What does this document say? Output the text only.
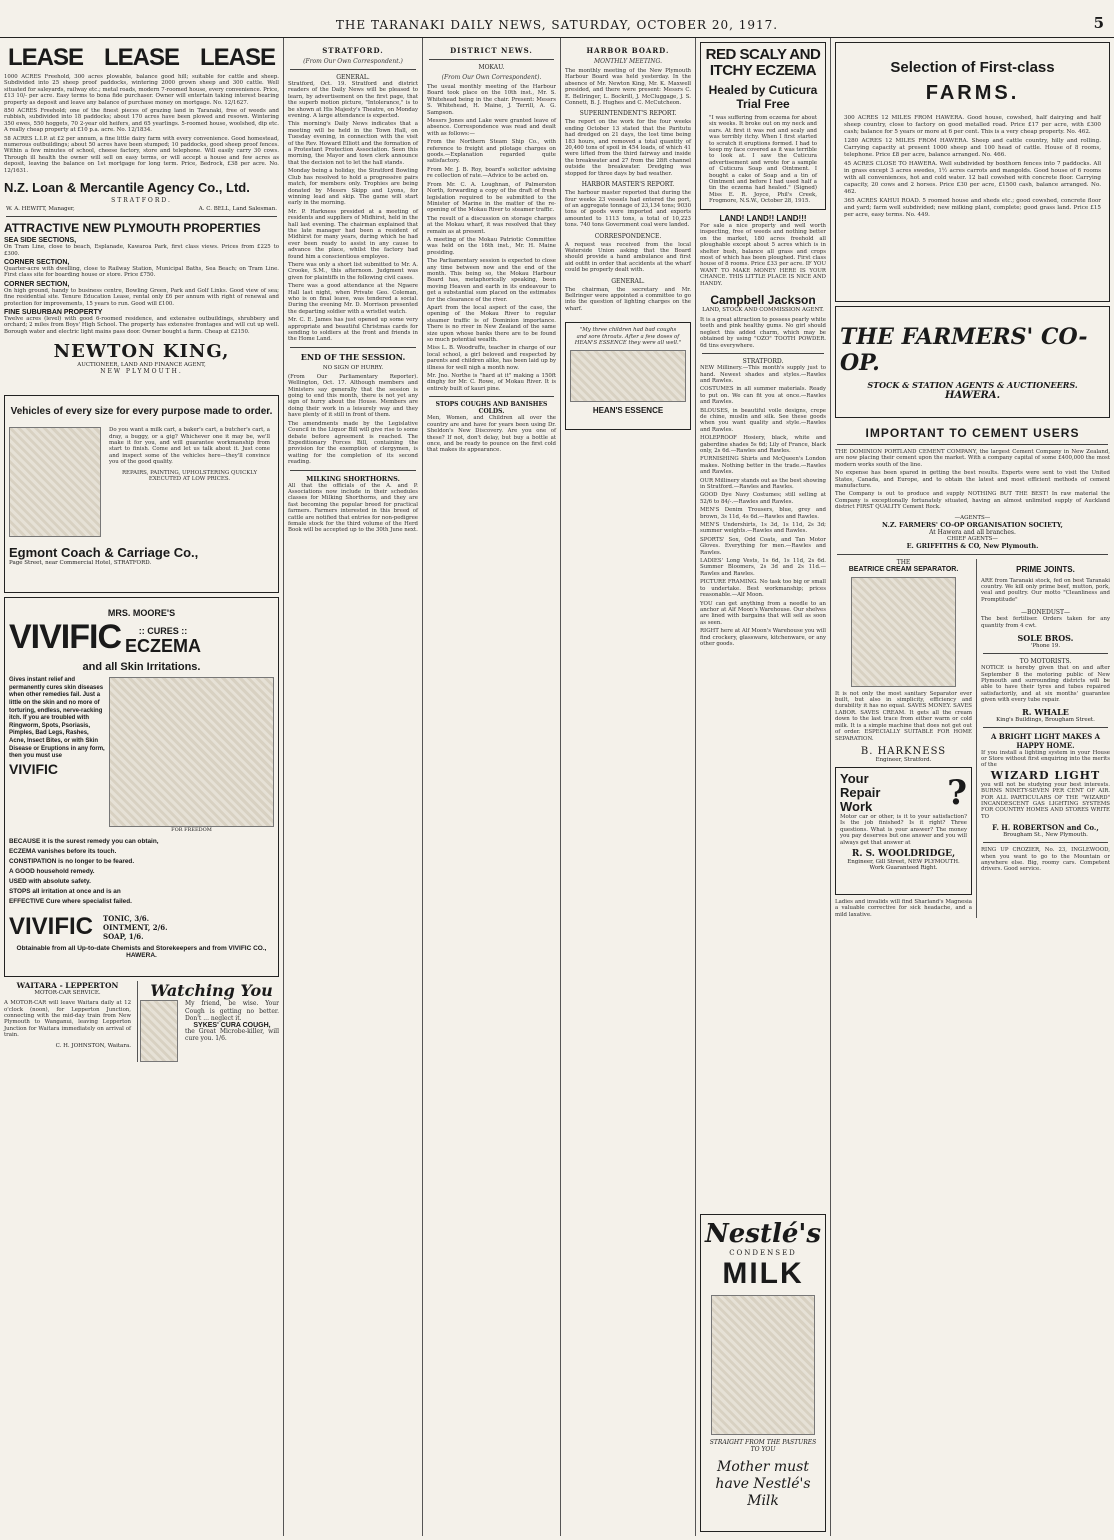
THE TARANAKI DAILY NEWS, SATURDAY, OCTOBER 20, 1917.	5
LEASE LEASE LEASE
1000 ACRES Freehold, 300 acres plowable, balance good hill; suitable for cattle and sheep. Subdivided into 25 sheep proof paddocks, wintering 2000 grown sheep and 300 cattle. Well situated for saleyards, railway etc.; metal roads, modern 7-roomed house, every convenience. Price, £13 10/- per acre. Easy terms to bona fide purchaser. Owner will entertain taking interest bearing property as deposit and leave any balance of purchase money on mortgage. No. 12/1627.
850 ACRES Freehold; one of the finest pieces of grazing land in Taranaki, free of weeds and rubbish, subdivided into 18 paddocks; about 170 acres have been plowed and resown. Wintering 350 ewes, 550 hoggets, 70 2-year old heifers, and 65 yearlings. 5-roomed house, woolshed, dip etc. A really cheap property at £10 p.a. acre. No. 12/1834.
58 ACRES L.I.P. at £2 per annum, a fine little dairy farm with every convenience. Good homestead, numerous outbuildings; about 50 acres have been stumped; 10 paddocks, good sheep proof fences. Within a few minutes of school, cheese factory, store and telephone. Will easily carry 30 cows. Through ill health the owner will sell on easy terms, or will accept a house and few acres as deposit, leaving the balance on 1st mortgage for long term. Price, Bedrock, £38 per acre. No. 12/1631.
N.Z. Loan & Mercantile Agency Co., Ltd.
STRATFORD.
W. A. HEWITT, Manager,	A. C. BELL, Land Salesman.
ATTRACTIVE NEW PLYMOUTH PROPERTIES
SEA SIDE SECTIONS,
On Tram Line, close to beach, Esplanade, Kawaroa Park, first class views. Prices from £225 to £300.
CORNER SECTION,
Quarter-acre with dwelling, close to Railway Station, Municipal Baths, Sea Beach; on Tram Line. First class site for boarding house or store. Price £750.
CORNER SECTION,
On high ground, handy to business centre, Bowling Green, Park and Golf Links. Good view of sea; fine residential site. Tenure Education Lease, rental only £6 per annum with right of renewal and protection for improvements, 15 years to run. Good will £100.
FINE SUBURBAN PROPERTY
Twelve acres (level) with good 6-roomed residence, and extensive outbuildings, shrubbery and orchard; 2 miles from Boys' High School. The property has extensive frontages and will cut up well. Borough water and electric light mains pass door. Owner bought a farm. Cheap at £2150.
NEWTON KING,
AUCTIONEER, LAND AND FINANCE AGENT,
NEW PLYMOUTH.
Vehicles of every size for every purpose made to order.
Do you want a milk cart, a baker's cart, a butcher's cart, a dray, a buggy, or a gig? Whichever one it may be, we'll make it for you, and will guarantee workmanship from start to finish. Come and let us talk about it. Just come and inspect some of the vehicles here—they'll convince you of the good quality.
REPAIRS, PAINTING, UPHOLSTERING QUICKLY EXECUTED AT LOW PRICES.
Egmont Coach & Carriage Co.,
Page Street, near Commercial Hotel, STRATFORD.
MRS. MOORE'S
VIVIFIC	:: CURES ::
ECZEMA
and all Skin Irritations.
Gives instant relief and permanently cures skin diseases when other remedies fail. Just a little on the skin and no more of torturing, endless, nerve-racking itch. If you are troubled with Ringworm, Spots, Psoriasis, Pimples, Bad Legs, Rashes, Acne, Insect Bites, or with Skin Disease or Eruptions in any form, then you must use
VIVIFIC
FOR FREEDOM
BECAUSE it is the surest remedy you can obtain,
ECZEMA vanishes before its touch.
CONSTIPATION is no longer to be feared.
A GOOD household remedy.
USED with absolute safety.
STOPS all irritation at once and is an
EFFECTIVE Cure where specialist failed.
VIVIFIC TONIC, 3/6.
OINTMENT, 2/6.
SOAP, 1/6.
Obtainable from all Up-to-date Chemists and Storekeepers and from VIVIFIC CO., HAWERA.
WAITARA - LEPPERTON
MOTOR-CAR SERVICE.
A MOTOR-CAR will leave Waitara daily at 12 o'clock (noon), for Lepperton Junction, connecting with the mid-day train from New Plymouth to Wanganui, leaving Lepperton Junction for Waitara immediately on arrival of train.
C. H. JOHNSTON, Waitara.
Watching You
My friend, be wise. Your Cough is getting no better. Don't ... neglect it.
SYKES' CURA COUGH,
the Great Microbe-killer, will cure you. 1/6.
STRATFORD.
(From Our Own Correspondent.)
GENERAL.
Stratford, Oct. 19. Stratford and district readers of the Daily News will be pleased to learn, by advertisement on the first page, that the superb motion picture, "Intolerance," is to be shown at His Majesty's Theatre, on Monday evening. A large attendance is expected.
This morning's Daily News indicates that a meeting will be held in the Town Hall, on Tuesday evening, in connection with the visit of the Rev. Howard Elliott and the formation of a Protestant Protection Association. Seen this morning, the Mayor and town clerk announce that the decision not to let the hall stands.
Monday being a holiday, the Stratford Bowling Club has resolved to hold a progressive pairs match, for members only. Trophies are being donated by Messrs Skipp and Lyons, for winning lead and skip. The game will start early in the morning.
Mr. P. Harkness presided at a meeting of residents and suppliers of Midhirst, held in the hall last evening. The chairman explained that the late manager had been a resident of Midhirst for many years, during which he had ever been ready to assist in any cause to advance the place, whilst the factory had found him a conscientious employee.
There was only a short list submitted to Mr. A. Crooke, S.M., this afternoon. Judgment was given for plaintiffs in the following civil cases.
There was a good attendance at the Ngaere Hall last night, when Private Geo. Coleman, who is on final leave, was tendered a social. During the evening Mr. D. Morrison presented the departing soldier with a wristlet watch.
Mr. C. E. James has just opened up some very appropriate and beautiful Christmas cards for sending to soldiers at the front and friends in the Home Land.
END OF THE SESSION.
NO SIGN OF HURRY.
(From Our Parliamentary Reporter). Wellington, Oct. 17. Although members and Ministers say generally that the session is going to end this month, there is not yet any sign of hurry about the House. Members are doing their work in a leisurely way and they have plenty of it still in front of them.
The amendments made by the Legislative Council in the Liquor Bill will give rise to some debate before agreement is reached. The Expeditionary Forces Bill, containing the provision for the exemption of clergymen, is waiting for the completion of its second reading.
MILKING SHORTHORNS.
All that the officials of the A. and P. Associations now include in their schedules classes for Milking Shorthorns, and they are fast becoming the popular breed for practical farmers. Farmers interested in this breed of cattle are notified that entries for non-pedigree female stock for the third volume of the Herd Book will be accepted up to the 30th June next.
DISTRICT NEWS.
MOKAU.
(From Our Own Correspondent).
The usual monthly meeting of the Harbour Board took place on the 10th inst., Mr. S. Whitehead being in the chair. Present: Messrs S. Whitehead, H. Maine, J. Terrill, A. G. Sampson.
Messrs Jones and Lake were granted leave of absence. Correspondence was read and dealt with as follows:—
From the Northern Steam Ship Co., with reference to freight and pilotage charges on goods.—Explanation regarded quite satisfactory.
From Mr. J. B. Roy, board's solicitor advising re collection of rate.—Advice to be acted on.
From Mr. C. A. Loughnan, of Palmerston North, forwarding a copy of the draft of fresh legislation required to be submitted to the Minister of Marine in the matter of the re-opening of the Mokau River to steamer traffic.
The result of a discussion on storage charges at the Mokau wharf, it was resolved that they remain as at present.
A meeting of the Mokau Patriotic Committee was held on the 16th inst., Mr. H. Maine presiding.
The Parliamentary session is expected to close any time between now and the end of the month. This being so, the Mokau Harbour Board has, metaphorically speaking, been moving Heaven and earth in its endeavour to get a substantial sum placed on the estimates for the clearance of the river.
Apart from the local aspect of the case, the opening of the Mokau River to regular steamer traffic is of Dominion importance. There is no river in New Zealand of the same size upon whose banks there are to be found so much potential wealth.
Miss L. B. Woodruffe, teacher in charge of our local school, a girl beloved and respected by parents and children alike, has been laid up by illness for well nigh a month now.
Mr. Jno. Northe is "hard at it" making a 150ft dinghy for Mr. C. Rowe, of Mokau River. It is entirely built of kauri pine.
STOPS COUGHS AND BANISHES COLDS.
Men, Women, and Children all over the country are and have for years been using Dr. Sheldon's New Discovery. Are you one of these? If not, don't delay, but buy a bottle at once, and be ready to pounce on the first cold that makes its appearance.
HARBOR BOARD.
MONTHLY MEETING.
The monthly meeting of the New Plymouth Harbour Board was held yesterday. In the absence of Mr. Newton King, Mr. K. Maxwell presided, and there were present: Messrs C. E. Bellringer, L. Bockrill, J. McCluggage, J. S. Connett, B. J. Hughes and C. McCutcheon.
SUPERINTENDENT'S REPORT.
The report on the work for the four weeks ending October 13 stated that the Paritutu had dredged on 21 days, the lost time being 183 hours, and removed a total quantity of 20,460 tons of spoil in 454 loads, of which 41 were lifted from the third fairway and inside the breakwater and 27 from the 28ft channel outside the breakwater. Dredging was stopped for three days by bad weather.
HARBOR MASTER'S REPORT.
The harbour master reported that during the four weeks 23 vessels had entered the port, of an aggregate tonnage of 23,134 tons; 9030 tons of goods were imported and exports amounted to 1113 tons, a total of 10,223 tons. 740 tons Government coal were landed.
CORRESPONDENCE.
A request was received from the local Waterside Union asking that the Board should provide a hand ambulance and first aid outfit in order that accidents at the wharf could be properly dealt with.
GENERAL.
The chairman, the secretary and Mr. Bellringer were appointed a committee to go into the question of lighting charges on the wharf.
"My three children had bad coughs and sore throats. After a few doses of HEAN'S ESSENCE they were all well."
HEAN'S ESSENCE
RED SCALY AND ITCHY ECZEMA
Healed by Cuticura Trial Free
"I was suffering from eczema for about six weeks. It broke out on my neck and ears. At first it was red and scaly and was terribly itchy. When I first started to scratch it eruptions formed. I had to keep my face covered as it was terrible to look at. I saw the Cuticura advertisement and wrote for a sample of Cuticura Soap and Ointment. I bought a cake of Soap and a tin of Ointment and before I had used half a tin the eczema had healed." (Signed) Miss E. R. Joyce, Phil's Creek, Frogmore, N.S.W., October 28, 1915.
LAND! LAND!! LAND!!!
For sale a nice property and well worth inspecting, free of weeds and nothing better on the market, 180 acres freehold all ploughable except about 5 acres which is in shelter bush, balance all grass and crops most of which has been ploughed. First class house of 8 rooms. Price £33 per acre. IF YOU WANT TO MAKE MONEY HERE IS YOUR CHANCE. THIS LITTLE PLACE IS NICE AND HANDY.
Campbell Jackson
LAND, STOCK AND COMMISSION AGENT.
It is a great attraction to possess pearly white teeth and pink healthy gums. No girl should neglect this added charm, which may be obtained by using "OZO" TOOTH POWDER. 6d tins everywhere.
STRATFORD.
NEW Millinery.—This month's supply just to hand. Newest shades and styles.—Rawles and Rawles.
COSTUMES in all summer materials. Ready to put on. We can fit you at once.—Rawles and Rawles.
BLOUSES, in beautiful voile designs, crepe de chine, muslin and silk. See these goods when you want quality and style.—Rawles and Rawles.
HOLEPROOF Hosiery, black, white and gaberdine shades 5s 6d; Lily of France, black only, 2s 6d.—Rawles and Rawles.
FURNISHING Shirts and McQueen's London makes. Nothing better in the trade.—Rawles and Rawles.
OUR Millinery stands out as the best showing in Stratford.—Rawles and Rawles.
GOOD Dye Navy Costumes; still selling at 52/6 to 84/-.—Rawles and Rawles.
MEN'S Denim Trousers, blue, grey and brown, 3s 11d, 4s 6d.—Rawles and Rawles.
MEN'S Undershirts, 1s 3d, 1s 11d, 2s 3d; summer weights.—Rawles and Rawles.
SPORTS' Sox, Odd Coats, and Tan Motor Gloves. Everything for men.—Rawles and Rawles.
LADIES' Long Vests, 1s 6d, 1s 11d, 2s 6d. Summer Bloomers, 2s 3d and 2s 11d.—Rawles and Rawles.
PICTURE FRAMING. No task too big or small to undertake. Best workmanship; prices reasonable.—Alf Moon.
YOU can get anything from a needle to an anchor at Alf Moon's Warehouse. Our shelves are lined with bargains that will sell as soon as seen.
RIGHT here at Alf Moon's Warehouse you will find crockery, glassware, kitchenware, or any other goods.
Nestlé's
CONDENSED
MILK
STRAIGHT FROM THE PASTURES TO YOU
Mother must have Nestlé's Milk
Selection of First-class
FARMS.
300 ACRES 12 MILES FROM HAWERA. Good house, cowshed, half dairying and half sheep country, close to factory on good metalled road. Price £17 per acre, with £300 cash; balance for 5 years or more at 6 per cent. This is a very cheap property. No. 462.
1280 ACRES 12 MILES FROM HAWERA. Sheep and cattle country, hilly and rolling. Carrying capacity at present 1000 sheep and 100 head of cattle. House of 8 rooms, telephone. Price £8 per acre, balance arranged. No. 466.
45 ACRES CLOSE TO HAWERA. Well subdivided by boxthorn fences into 7 paddocks. All in grass except 3 acres swedes, 1½ acres carrots and mangolds. Good house of 6 rooms with all conveniences, hot and cold water. 12 bail cowshed with concrete floor. Carrying capacity, 20 cows and 2 horses. Price £30 per acre, £1500 cash, balance arranged. No. 462.
365 ACRES KAHUI ROAD. 5 roomed house and sheds etc.; good cowshed, concrete floor and yard; farm well subdivided; new milking plant, complete; good grass land. Price £15 per acre, easy terms. No. 449.
THE FARMERS' CO-OP.
STOCK & STATION AGENTS & AUCTIONEERS.
HAWERA.
IMPORTANT TO CEMENT USERS
THE DOMINION PORTLAND CEMENT COMPANY, the largest Cement Company in New Zealand, are now placing their cement upon the market. With a company capital of some £400,000 the most modern works south of the line.
No expense has been spared in getting the best results. Experts were sent to visit the United States, Canada, and Europe, and to obtain the latest and most efficient methods of cement manufacture.
The Company is out to produce and supply NOTHING BUT THE BEST! In raw material the Company is exceptionally fortunately situated, having an almost unlimited supply of Auckland district FIRST QUALITY Cement Rock.
—AGENTS—
N.Z. FARMERS' CO-OP ORGANISATION SOCIETY,
At Hawera and all branches.
CHIEF AGENTS—
E. GRIFFITHS & CO, New Plymouth.
THE
BEATRICE CREAM SEPARATOR.
It is not only the most sanitary Separator ever built, but also in simplicity, efficiency and durability it has no equal. SAVES MONEY. SAVES LABOR. SAVES CREAM. It gets all the cream down to the last trace from either warm or cold milk. It is a simple machine that does not get out of order. ESPECIALLY SUITABLE FOR HOME SEPARATION.
B. HARKNESS
Engineer, Stratford.
Your Repair Work	?
Motor car or other, is it to your satisfaction? Is the job finished? Is it right? Three questions. What is your answer? The money you pay deserves but one answer and you will always get that answer at
R. S. WOOLDRIDGE,
Engineer, Gill Street, NEW PLYMOUTH. Work Guaranteed Right.
Ladies and invalids will find Sharland's Magnesia a valuable corrective for sick headache, and a mild laxative.
PRIME JOINTS.
ARE from Taranaki stock, fed on best Taranaki country. We kill only prime beef, mutton, pork, veal and poultry. Our motto "Cleanliness and Promptitude"
—BONEDUST—
The best fertiliser. Orders taken for any quantity from 4 cwt.
SOLE BROS.
'Phone 19.
TO MOTORISTS.
NOTICE is hereby given that on and after September 8 the motoring public of New Plymouth and surrounding districts will be able to have their tyres and tubes repaired satisfactorily, and at six months' guarantee given with every tube repair.
R. WHALE
King's Buildings, Brougham Street.
A BRIGHT LIGHT MAKES A HAPPY HOME.
If you install a lighting system in your House or Store without first enquiring into the merits of the
WIZARD LIGHT
you will not be studying your best interests. BURNS NINETY-SEVEN PER CENT OF AIR. FOR ALL PARTICULARS OF THE "WIZARD" INCANDESCENT GAS LIGHTING SYSTEMS FOR COUNTRY HOMES AND STORES WRITE TO
F. H. ROBERTSON and Co.,
Brougham St., New Plymouth.
RING UP CROZIER, No. 23, INGLEWOOD, when you want to go to the Mountain or anywhere else. Big, roomy cars. Competent drivers. Good service.
